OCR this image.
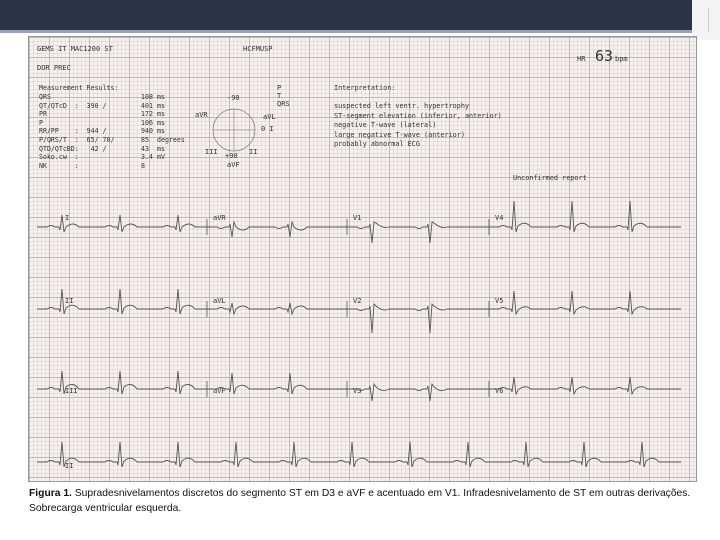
GEMS IT MAC1200 ST	HCFMUSP
DOR PREC
HR 63 bpm
Measurement Results:
QRS	108 ms
QT/QTcD  :  390 /	401 ms
PR	172 ms
P	106 ms
RR/PP    :  944 /	940 ms
P/QRS/T  :  65/ 70/	85 degrees
QTD/QTcBD:   42 /	43 ms
Soko.cw  :	3.4 mV
NK       :	8
-90
aVR	aVL
0 I
III	II
+90
aVF
P
T
QRS
Interpretation:
suspected left ventr. hypertrophy
ST-segment elevation (inferior, anterior)
negative T-wave (lateral)
large negative T-wave (anterior)
probably abnormal ECG
Unconfirmed report
I	aVR	V1	V4
II	aVL	V2	V5
III	aVF	V3	V6
II
Figura 1. Supradesnivelamentos discretos do segmento ST em D3 e aVF e acentuado em V1. Infradesnivelamento de ST em outras derivações. Sobrecarga ventricular esquerda.
